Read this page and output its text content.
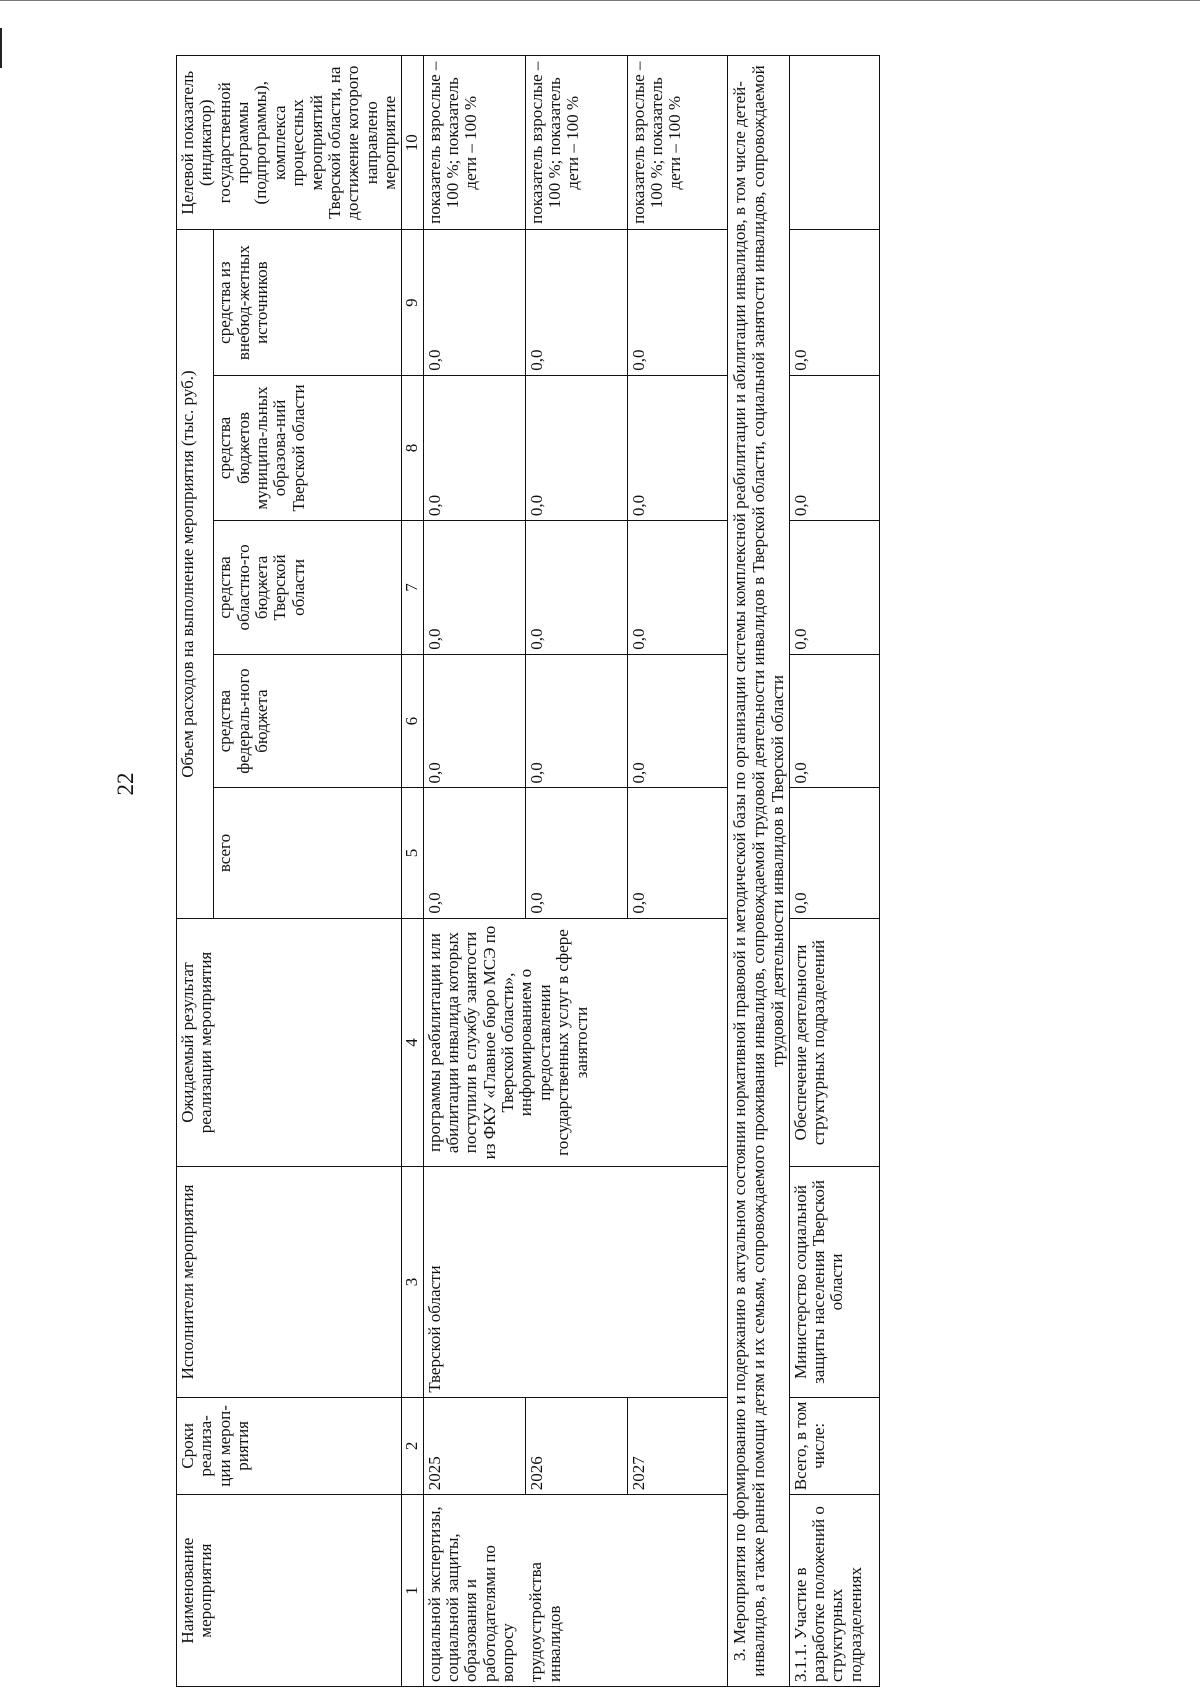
22
Наименование мероприятия	Сроки реализа-ции мероп-риятия	Исполнители мероприятия	Ожидаемый результат реализации мероприятия	Объем расходов на выполнение мероприятия (тыс. руб.)					Целевой показатель (индикатор) государственной программы (подпрограммы), комплекса процессных мероприятий Тверской области, на достижение которого направлено мероприятие
				всего	средства федераль-ного бюджета	средства областно-го бюджета Тверской области	средства бюджетов муниципа-льных образова-ний Тверской области	средства из внебюд-жетных источников	
1	2	3	4	5	6	7	8	9	10
социальной экспертизы, социальной защиты, образования и работодателями по вопросу	2025	Тверской области	программы реабилитации или абилитации инвалида которых поступили в службу занятости из ФКУ «Главное бюро МСЭ по Тверской области», информированием о предоставлении государственных услуг в сфере занятости	0,0	0,0	0,0	0,0	0,0	показатель взрослые – 100 %; показатель дети – 100 %
трудоустройства инвалидов	2026			0,0	0,0	0,0	0,0	0,0	показатель взрослые – 100 %; показатель дети – 100 %
	2027			0,0	0,0	0,0	0,0	0,0	показатель взрослые – 100 %; показатель дети – 100 %
3. Мероприятия по формированию и подержанию в актуальном состоянии нормативной правовой и методической базы по организации системы комплексной реабилитации и абилитации инвалидов, в том числе детей-инвалидов, а также ранней помощи детям и их семьям, сопровождаемого проживания инвалидов, сопровождаемой трудовой деятельности инвалидов в Тверской области, социальной занятости инвалидов, сопровождаемой трудовой деятельности инвалидов в Тверской области									
3.1.1. Участие в разработке положений о структурных подразделениях	Всего, в том числе:	Министерство социальной защиты населения Тверской области	Обеспечение деятельности структурных подразделений	0,0	0,0	0,0	0,0	0,0	
